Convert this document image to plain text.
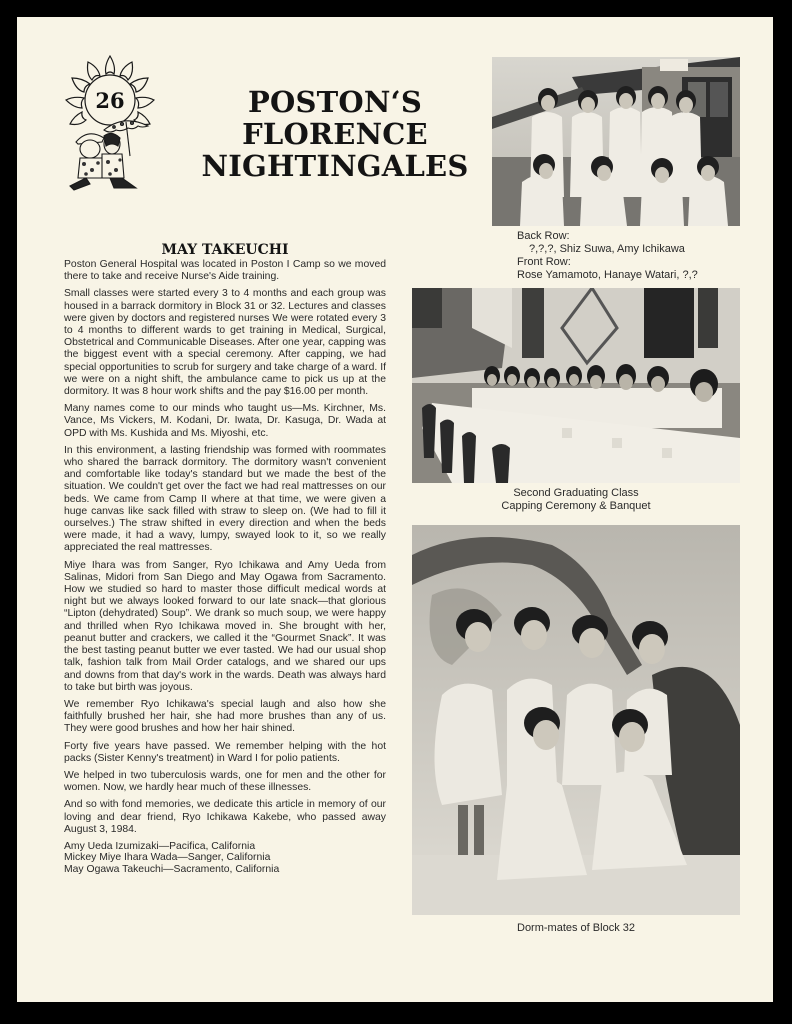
26	POSTON‘S
FLORENCE
NIGHTINGALES
MAY TAKEUCHI

Poston General Hospital was located in Poston I Camp so we moved there to take and receive Nurse's Aide training.

Small classes were started every 3 to 4 months and each group was housed in a barrack dormitory in Block 31 or 32. Lectures and classes were given by doctors and registered nurses We were rotated every 3 to 4 months to different wards to get training in Medical, Surgical, Obstetrical and Communicable Diseases. After one year, capping was the biggest event with a special ceremony. After capping, we had special opportunities to scrub for surgery and take charge of a ward. If we were on a night shift, the ambulance came to pick us up at the dormitory. It was 8 hour work shifts and the pay $16.00 per month.

Many names come to our minds who taught us—Ms. Kirchner, Ms. Vance, Ms Vickers, M. Kodani, Dr. Iwata, Dr. Kasuga, Dr. Wada at OPD with Ms. Kushida and Ms. Miyoshi, etc.

In this environment, a lasting friendship was formed with roommates who shared the barrack dormitory. The dormitory wasn't convenient and comfortable like today's standard but we made the best of the situation. We couldn't get over the fact we had real mattresses on our beds. We came from Camp II where at that time, we were given a huge canvas like sack filled with straw to sleep on. (We had to fill it ourselves.) The straw shifted in every direction and when the beds were made, it had a wavy, lumpy, swayed look to it, so we really appreciated the real mattresses.

Miye Ihara was from Sanger, Ryo Ichikawa and Amy Ueda from Salinas, Midori from San Diego and May Ogawa from Sacramento. How we studied so hard to master those difficult medical words at night but we always looked forward to our late snack—that glorious “Lipton (dehydrated) Soup”. We drank so much soup, we were happy and thrilled when Ryo Ichikawa moved in. She brought with her, peanut butter and crackers, we called it the “Gourmet Snack”. It was the best tasting peanut butter we ever tasted. We had our usual shop talk, fashion talk from Mail Order catalogs, and we shared our ups and downs from that day's work in the wards. Death was always hard to take but birth was joyous.

We remember Ryo Ichikawa's special laugh and also how she faithfully brushed her hair, she had more brushes than any of us. They were good brushes and how her hair shined.

Forty five years have passed. We remember helping with the hot packs (Sister Kenny's treatment) in Ward I for polio patients.

We helped in two tuberculosis wards, one for men and the other for women. Now, we hardly hear much of these illnesses.

And so with fond memories, we dedicate this article in memory of our loving and dear friend, Ryo Ichikawa Kakebe, who passed away August 3, 1984.

Amy Ueda Izumizaki—Pacifica, California
Mickey Miye Ihara Wada—Sanger, California
May Ogawa Takeuchi—Sacramento, California
Back Row:
?,?,?, Shiz Suwa, Amy Ichikawa
Front Row:
Rose Yamamoto, Hanaye Watari, ?,?
Second Graduating Class
Capping Ceremony & Banquet
Dorm-mates of Block 32
